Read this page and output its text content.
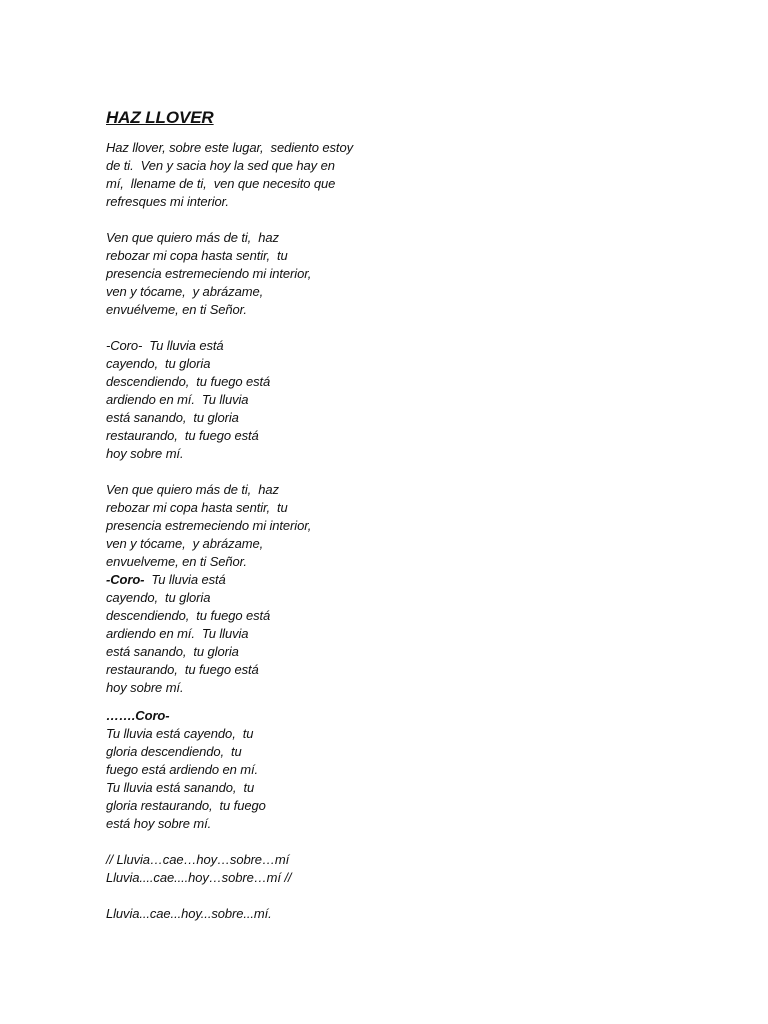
HAZ LLOVER
Haz llover, sobre este lugar,  sediento estoy
de ti.  Ven y sacia hoy la sed que hay en
mí,  llename de ti,  ven que necesito que
refresques mi interior.
Ven que quiero más de ti,  haz
rebozar mi copa hasta sentir,  tu
presencia estremeciendo mi interior,
ven y tócame,  y abrázame,
envuélveme, en ti Señor.
-Coro-  Tu lluvia está
cayendo,  tu gloria
descendiendo,  tu fuego está
ardiendo en mí.  Tu lluvia
está sanando,  tu gloria
restaurando,  tu fuego está
hoy sobre mí.
Ven que quiero más de ti,  haz
rebozar mi copa hasta sentir,  tu
presencia estremeciendo mi interior,
ven y tócame,  y abrázame,
envuelveme, en ti Señor.
-Coro-  Tu lluvia está
cayendo,  tu gloria
descendiendo,  tu fuego está
ardiendo en mí.  Tu lluvia
está sanando,  tu gloria
restaurando,  tu fuego está
hoy sobre mí.
…….Coro-
Tu lluvia está cayendo,  tu
gloria descendiendo,  tu
fuego está ardiendo en mí.
Tu lluvia está sanando,  tu
gloria restaurando,  tu fuego
está hoy sobre mí.
// Lluvia…cae…hoy…sobre…mí
Lluvia....cae....hoy…sobre…mí //
Lluvia...cae...hoy...sobre...mí.
